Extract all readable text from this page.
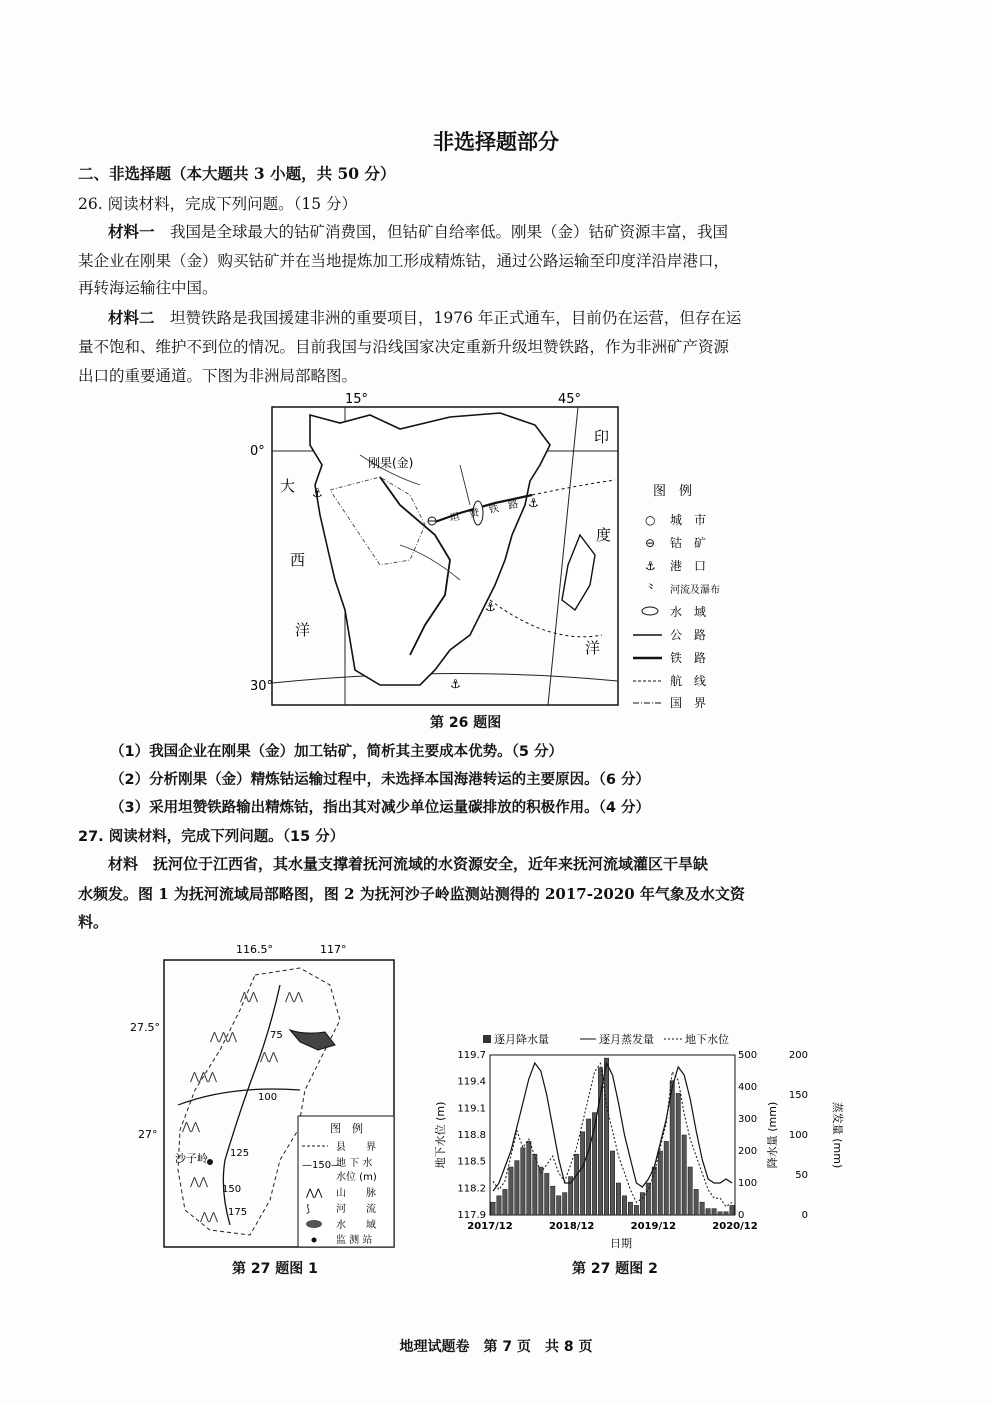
非选择题部分
二、非选择题（本大题共 3 小题，共 50 分）
26. 阅读材料，完成下列问题。（15 分）
材料一　 我国是全球最大的钴矿消费国，但钴矿自给率低。刚果（金）钴矿资源丰富，我国
某企业在刚果（金）购买钴矿并在当地提炼加工形成精炼钴，通过公路运输至印度洋沿岸港口，
再转海运输往中国。
材料二　 坦赞铁路是我国援建非洲的重要项目，1976 年正式通车，目前仍在运营，但存在运
量不饱和、维护不到位的情况。目前我国与沿线国家决定重新升级坦赞铁路，作为非洲矿产资源
出口的重要通道。下图为非洲局部略图。
15°	45°
0°
30°
刚果(金)
坦　赞　铁　路
⚓
⚓
⚓
⚓
大
西
洋
印
度
洋
图　例
○ 城　市
⊖ 钴　矿
⚓ 港　口
⺀ 河流及瀑布
水　域
公　路
铁　路
航　线
国　界
第 26 题图
（1）我国企业在刚果（金）加工钴矿，简析其主要成本优势。（5 分）
（2）分析刚果（金）精炼钴运输过程中，未选择本国海港转运的主要原因。（6 分）
（3）采用坦赞铁路输出精炼钴，指出其对减少单位运量碳排放的积极作用。（4 分）
27. 阅读材料，完成下列问题。（15 分）
材料　 抚河位于江西省，其水量支撑着抚河流域的水资源安全，近年来抚河流域灌区干旱缺
水频发。图 1 为抚河流域局部略图，图 2 为抚河沙子岭监测站测得的 2017-2020 年气象及水文资
料。
116.5°	117°
27.5°
27°
75
100
125
150
175
沙子岭
⋀⋀
⋀⋀⋀
⋀⋀⋀
⋀⋀
⋀⋀
⋀⋀
⋀⋀
⋀⋀
图　例
县　　界
—150—
地 下 水
水位 (m)
⋀⋀ 山　　脉
⟆	河　　流
水　　域
监 测 站
第 27 题图 1
逐月降水量	逐月蒸发量	地下水位
119.7
119.4
119.1
118.8
118.5
118.2
117.9
500
400
300
200
100
0
200
150
100
50
0
2017/12	2018/12	2019/12	2020/12
地下水位 (m)	降水量 (mm)	蒸发量 (mm)
日期
第 27 题图 2
地理试题卷　第 7 页　共 8 页
